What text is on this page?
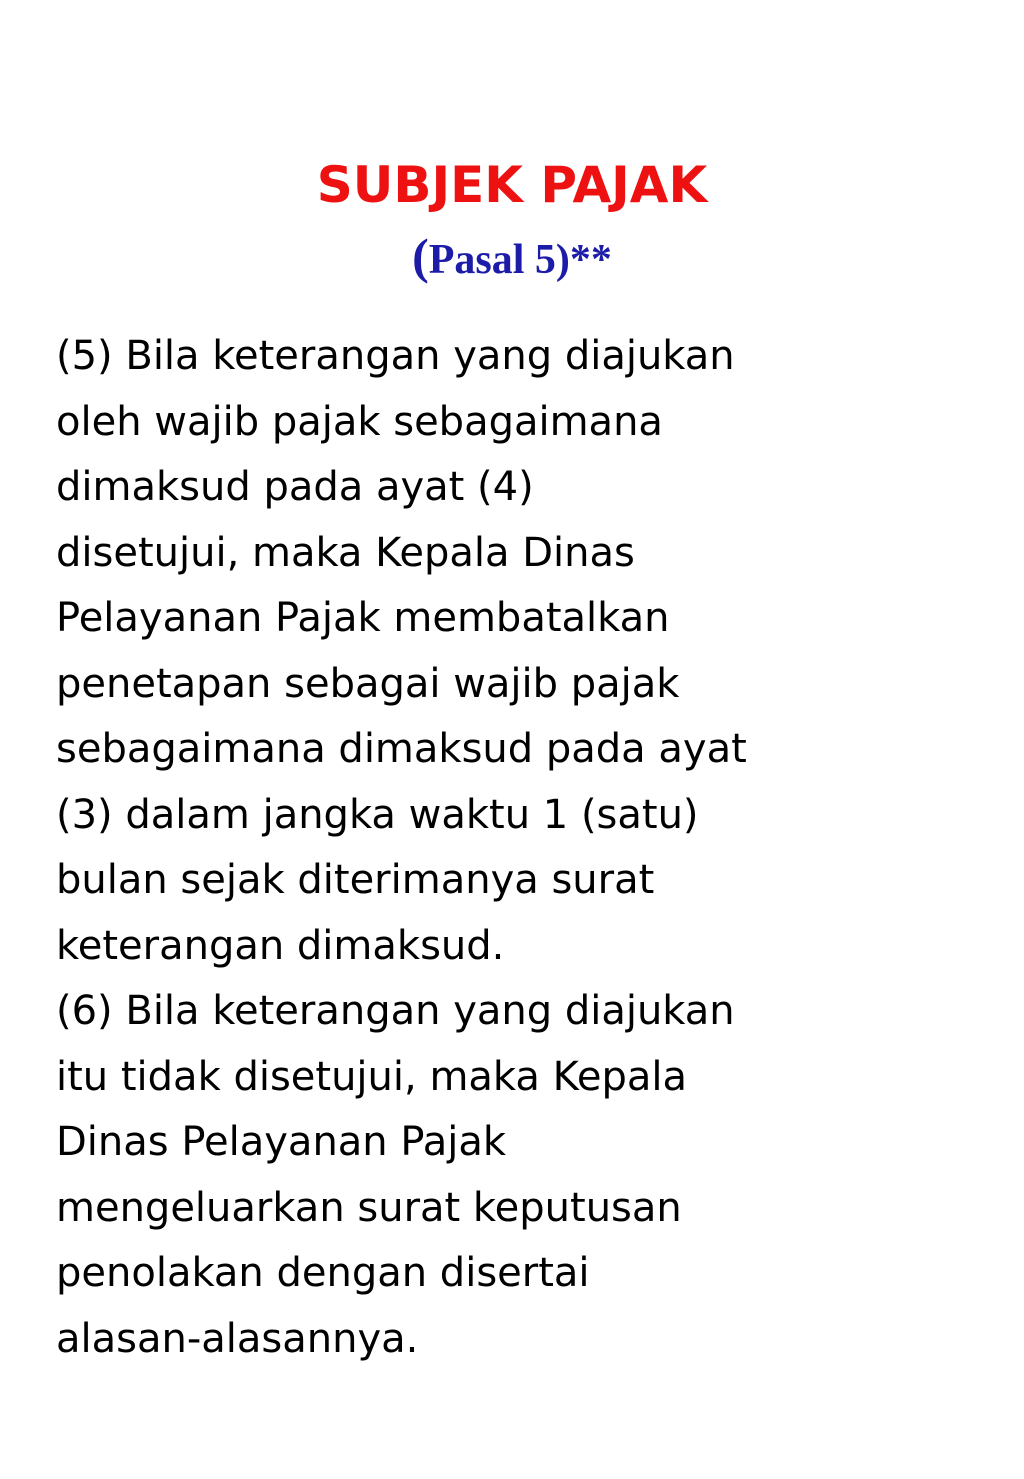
SUBJEK PAJAK
(Pasal 5)**

(5) Bila keterangan yang diajukan
oleh wajib pajak sebagaimana
dimaksud pada ayat (4)
disetujui, maka Kepala Dinas
Pelayanan Pajak membatalkan
penetapan sebagai wajib pajak
sebagaimana dimaksud pada ayat
(3) dalam jangka waktu 1 (satu)
bulan sejak diterimanya surat
keterangan dimaksud.

(6) Bila keterangan yang diajukan
itu tidak disetujui, maka Kepala
Dinas Pelayanan Pajak
mengeluarkan surat keputusan
penolakan dengan disertai
alasan-alasannya.
